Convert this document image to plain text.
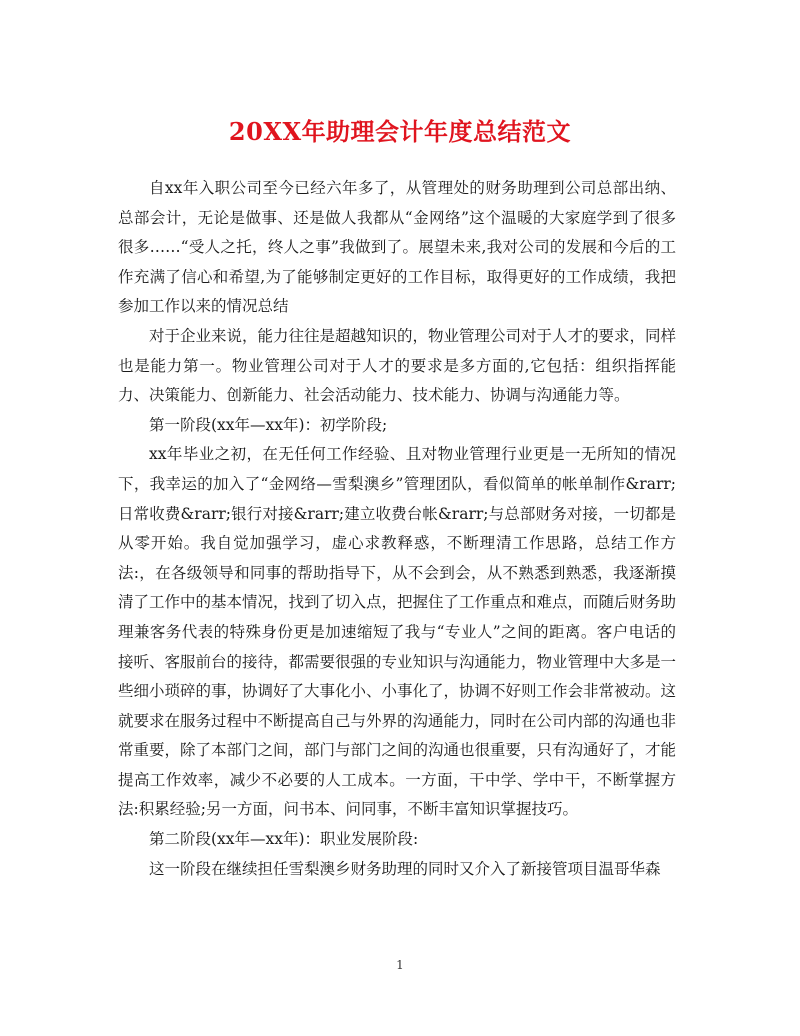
20XX年助理会计年度总结范文

自xx年入职公司至今已经六年多了，从管理处的财务助理到公司总部出纳、总部会计，无论是做事、还是做人我都从“金网络”这个温暖的大家庭学到了很多很多……“受人之托，终人之事”我做到了。展望未来,我对公司的发展和今后的工作充满了信心和希望,为了能够制定更好的工作目标，取得更好的工作成绩，我把参加工作以来的情况总结

对于企业来说，能力往往是超越知识的，物业管理公司对于人才的要求，同样也是能力第一。物业管理公司对于人才的要求是多方面的,它包括：组织指挥能力、决策能力、创新能力、社会活动能力、技术能力、协调与沟通能力等。

第一阶段(xx年—xx年)：初学阶段;

xx年毕业之初，在无任何工作经验、且对物业管理行业更是一无所知的情况下，我幸运的加入了“金网络—雪梨澳乡”管理团队，看似简单的帐单制作&rarr;日常收费&rarr;银行对接&rarr;建立收费台帐&rarr;与总部财务对接，一切都是从零开始。我自觉加强学习，虚心求教释惑，不断理清工作思路，总结工作方法:，在各级领导和同事的帮助指导下，从不会到会，从不熟悉到熟悉，我逐渐摸清了工作中的基本情况，找到了切入点，把握住了工作重点和难点，而随后财务助理兼客务代表的特殊身份更是加速缩短了我与“专业人”之间的距离。客户电话的接听、客服前台的接待，都需要很强的专业知识与沟通能力，物业管理中大多是一些细小琐碎的事，协调好了大事化小、小事化了，协调不好则工作会非常被动。这就要求在服务过程中不断提高自己与外界的沟通能力，同时在公司内部的沟通也非常重要，除了本部门之间，部门与部门之间的沟通也很重要，只有沟通好了，才能提高工作效率，减少不必要的人工成本。一方面，干中学、学中干，不断掌握方法:积累经验;另一方面，问书本、问同事，不断丰富知识掌握技巧。

第二阶段(xx年—xx年)：职业发展阶段:

这一阶段在继续担任雪梨澳乡财务助理的同时又介入了新接管项目温哥华森

1
